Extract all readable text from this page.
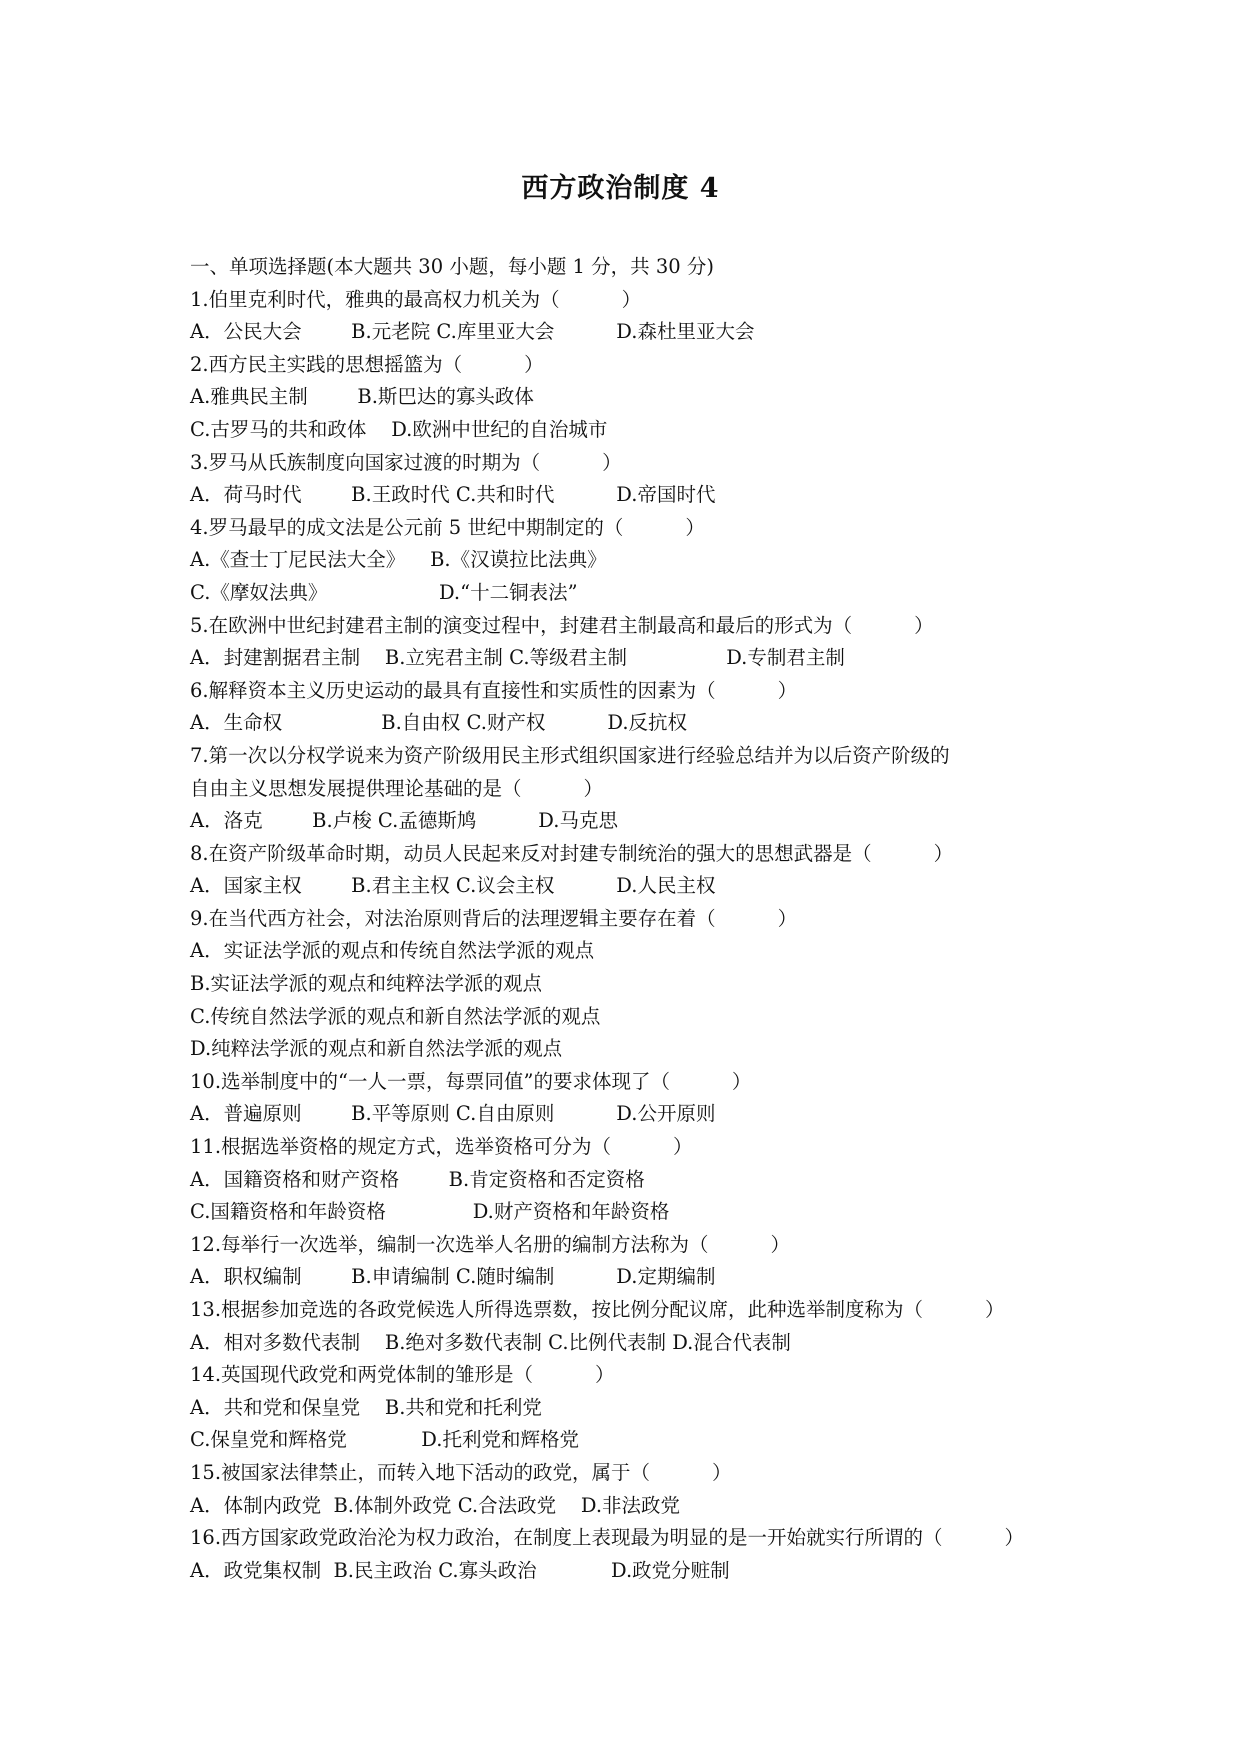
西方政治制度 4

一、单项选择题(本大题共 30 小题，每小题 1 分，共 30 分)

1.伯里克利时代，雅典的最高权力机关为（          ）

A．公民大会        B.元老院 C.库里亚大会          D.森杜里亚大会

2.西方民主实践的思想摇篮为（          ）

A.雅典民主制        B.斯巴达的寡头政体

C.古罗马的共和政体    D.欧洲中世纪的自治城市

3.罗马从氏族制度向国家过渡的时期为（          ）

A．荷马时代        B.王政时代 C.共和时代          D.帝国时代

4.罗马最早的成文法是公元前 5 世纪中期制定的（          ）

A.《查士丁尼民法大全》    B.《汉谟拉比法典》

C.《摩奴法典》                  D.“十二铜表法”

5.在欧洲中世纪封建君主制的演变过程中，封建君主制最高和最后的形式为（          ）

A．封建割据君主制    B.立宪君主制 C.等级君主制                D.专制君主制

6.解释资本主义历史运动的最具有直接性和实质性的因素为（          ）

A．生命权                B.自由权 C.财产权          D.反抗权

7.第一次以分权学说来为资产阶级用民主形式组织国家进行经验总结并为以后资产阶级的

自由主义思想发展提供理论基础的是（          ）

A．洛克        B.卢梭 C.孟德斯鸠          D.马克思

8.在资产阶级革命时期，动员人民起来反对封建专制统治的强大的思想武器是（          ）

A．国家主权        B.君主主权 C.议会主权          D.人民主权

9.在当代西方社会，对法治原则背后的法理逻辑主要存在着（          ）

A．实证法学派的观点和传统自然法学派的观点

B.实证法学派的观点和纯粹法学派的观点

C.传统自然法学派的观点和新自然法学派的观点

D.纯粹法学派的观点和新自然法学派的观点

10.选举制度中的“一人一票，每票同值”的要求体现了（          ）

A．普遍原则        B.平等原则 C.自由原则          D.公开原则

11.根据选举资格的规定方式，选举资格可分为（          ）

A．国籍资格和财产资格        B.肯定资格和否定资格

C.国籍资格和年龄资格              D.财产资格和年龄资格

12.每举行一次选举，编制一次选举人名册的编制方法称为（          ）

A．职权编制        B.申请编制 C.随时编制          D.定期编制

13.根据参加竞选的各政党候选人所得选票数，按比例分配议席，此种选举制度称为（          ）

A．相对多数代表制    B.绝对多数代表制 C.比例代表制 D.混合代表制

14.英国现代政党和两党体制的雏形是（          ）

A．共和党和保皇党    B.共和党和托利党

C.保皇党和辉格党            D.托利党和辉格党

15.被国家法律禁止，而转入地下活动的政党，属于（          ）

A．体制内政党  B.体制外政党 C.合法政党    D.非法政党

16.西方国家政党政治沦为权力政治，在制度上表现最为明显的是一开始就实行所谓的（          ）

A．政党集权制  B.民主政治 C.寡头政治            D.政党分赃制
